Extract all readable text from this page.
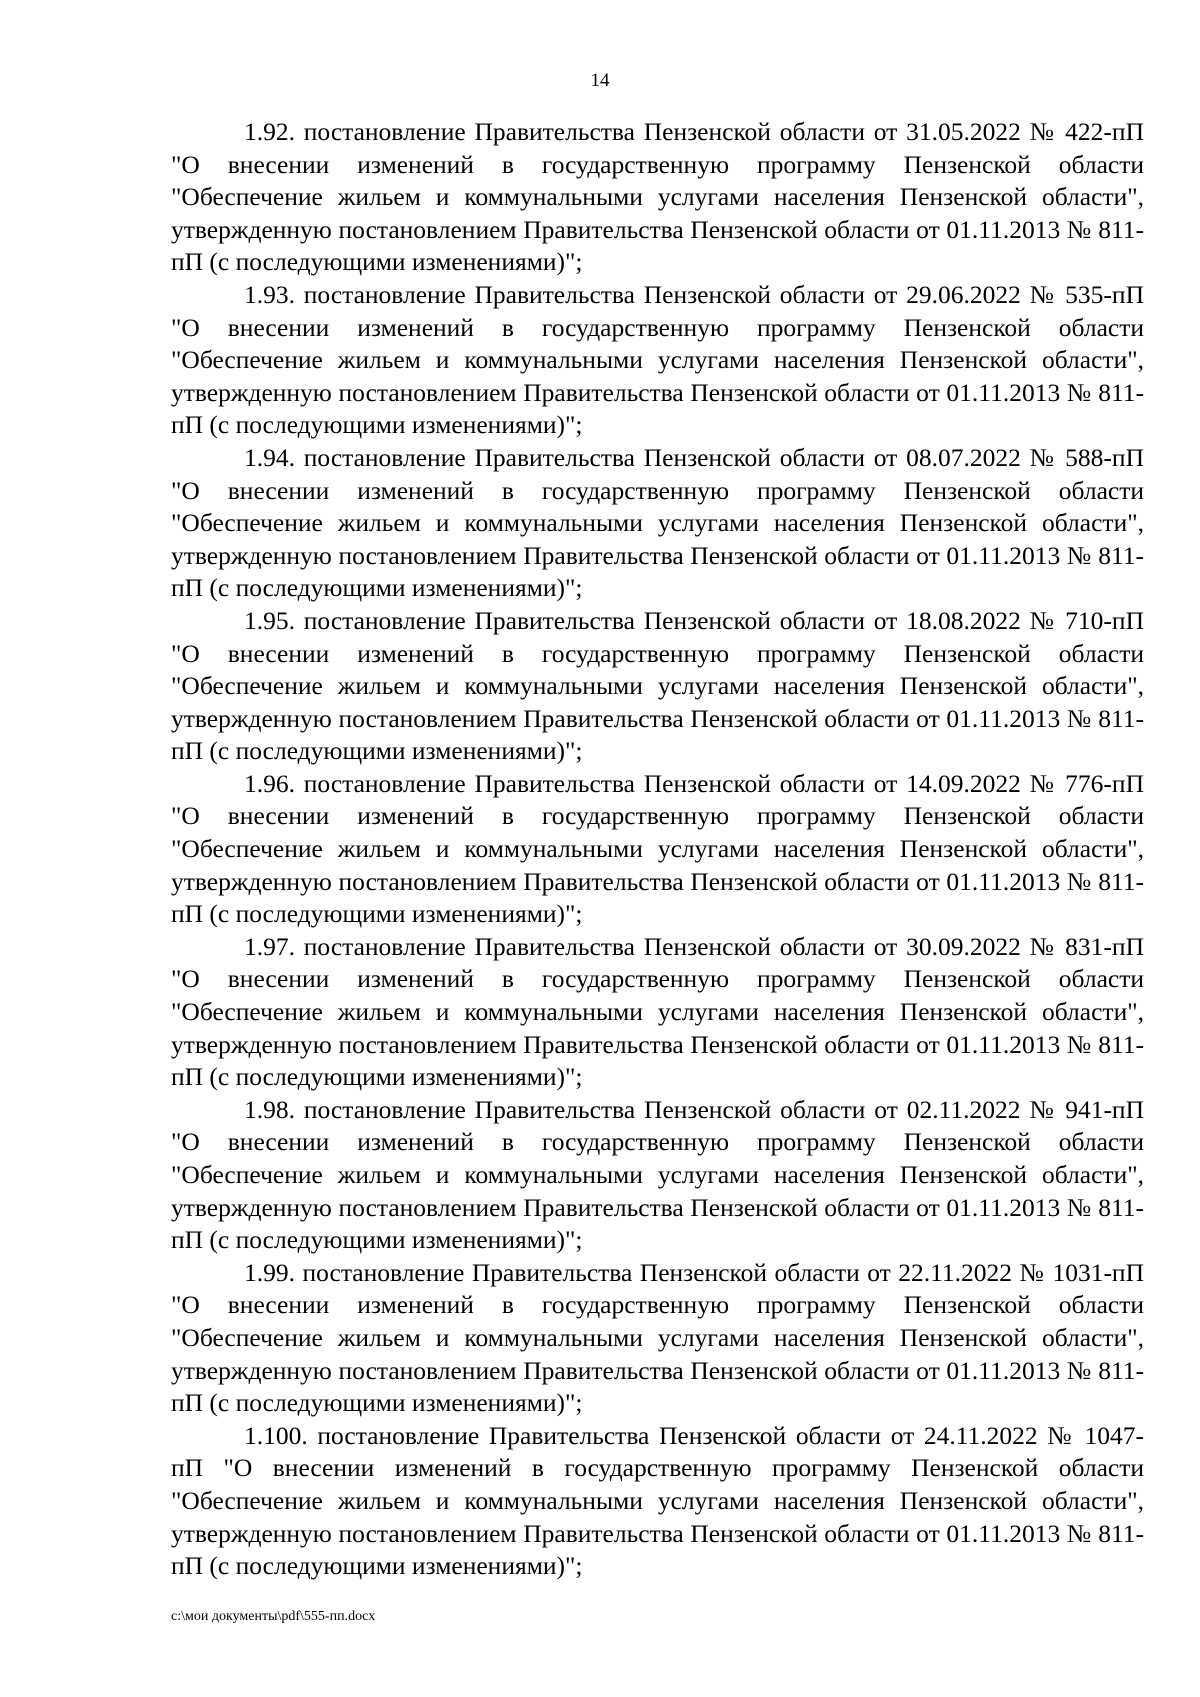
14

1.92. постановление Правительства Пензенской области от 31.05.2022 № 422-пП "О внесении изменений в государственную программу Пензенской области "Обеспечение жильем и коммунальными услугами населения Пензенской области", утвержденную постановлением Правительства Пензенской области от 01.11.2013 № 811-пП (с последующими изменениями)";

1.93. постановление Правительства Пензенской области от 29.06.2022 № 535-пП "О внесении изменений в государственную программу Пензенской области "Обеспечение жильем и коммунальными услугами населения Пензенской области", утвержденную постановлением Правительства Пензенской области от 01.11.2013 № 811-пП (с последующими изменениями)";

1.94. постановление Правительства Пензенской области от 08.07.2022 № 588-пП "О внесении изменений в государственную программу Пензенской области "Обеспечение жильем и коммунальными услугами населения Пензенской области", утвержденную постановлением Правительства Пензенской области от 01.11.2013 № 811-пП (с последующими изменениями)";

1.95. постановление Правительства Пензенской области от 18.08.2022 № 710-пП "О внесении изменений в государственную программу Пензенской области "Обеспечение жильем и коммунальными услугами населения Пензенской области", утвержденную постановлением Правительства Пензенской области от 01.11.2013 № 811-пП (с последующими изменениями)";

1.96. постановление Правительства Пензенской области от 14.09.2022 № 776-пП "О внесении изменений в государственную программу Пензенской области "Обеспечение жильем и коммунальными услугами населения Пензенской области", утвержденную постановлением Правительства Пензенской области от 01.11.2013 № 811-пП (с последующими изменениями)";

1.97. постановление Правительства Пензенской области от 30.09.2022 № 831-пП "О внесении изменений в государственную программу Пензенской области "Обеспечение жильем и коммунальными услугами населения Пензенской области", утвержденную постановлением Правительства Пензенской области от 01.11.2013 № 811-пП (с последующими изменениями)";

1.98. постановление Правительства Пензенской области от 02.11.2022 № 941-пП "О внесении изменений в государственную программу Пензенской области "Обеспечение жильем и коммунальными услугами населения Пензенской области", утвержденную постановлением Правительства Пензенской области от 01.11.2013 № 811-пП (с последующими изменениями)";

1.99. постановление Правительства Пензенской области от 22.11.2022 № 1031-пП "О внесении изменений в государственную программу Пензенской области "Обеспечение жильем и коммунальными услугами населения Пензенской области", утвержденную постановлением Правительства Пензенской области от 01.11.2013 № 811-пП (с последующими изменениями)";

1.100. постановление Правительства Пензенской области от 24.11.2022 № 1047-пП "О внесении изменений в государственную программу Пензенской области "Обеспечение жильем и коммунальными услугами населения Пензенской области", утвержденную постановлением Правительства Пензенской области от 01.11.2013 № 811-пП (с последующими изменениями)";

c:\мои документы\pdf\555-пп.docx
